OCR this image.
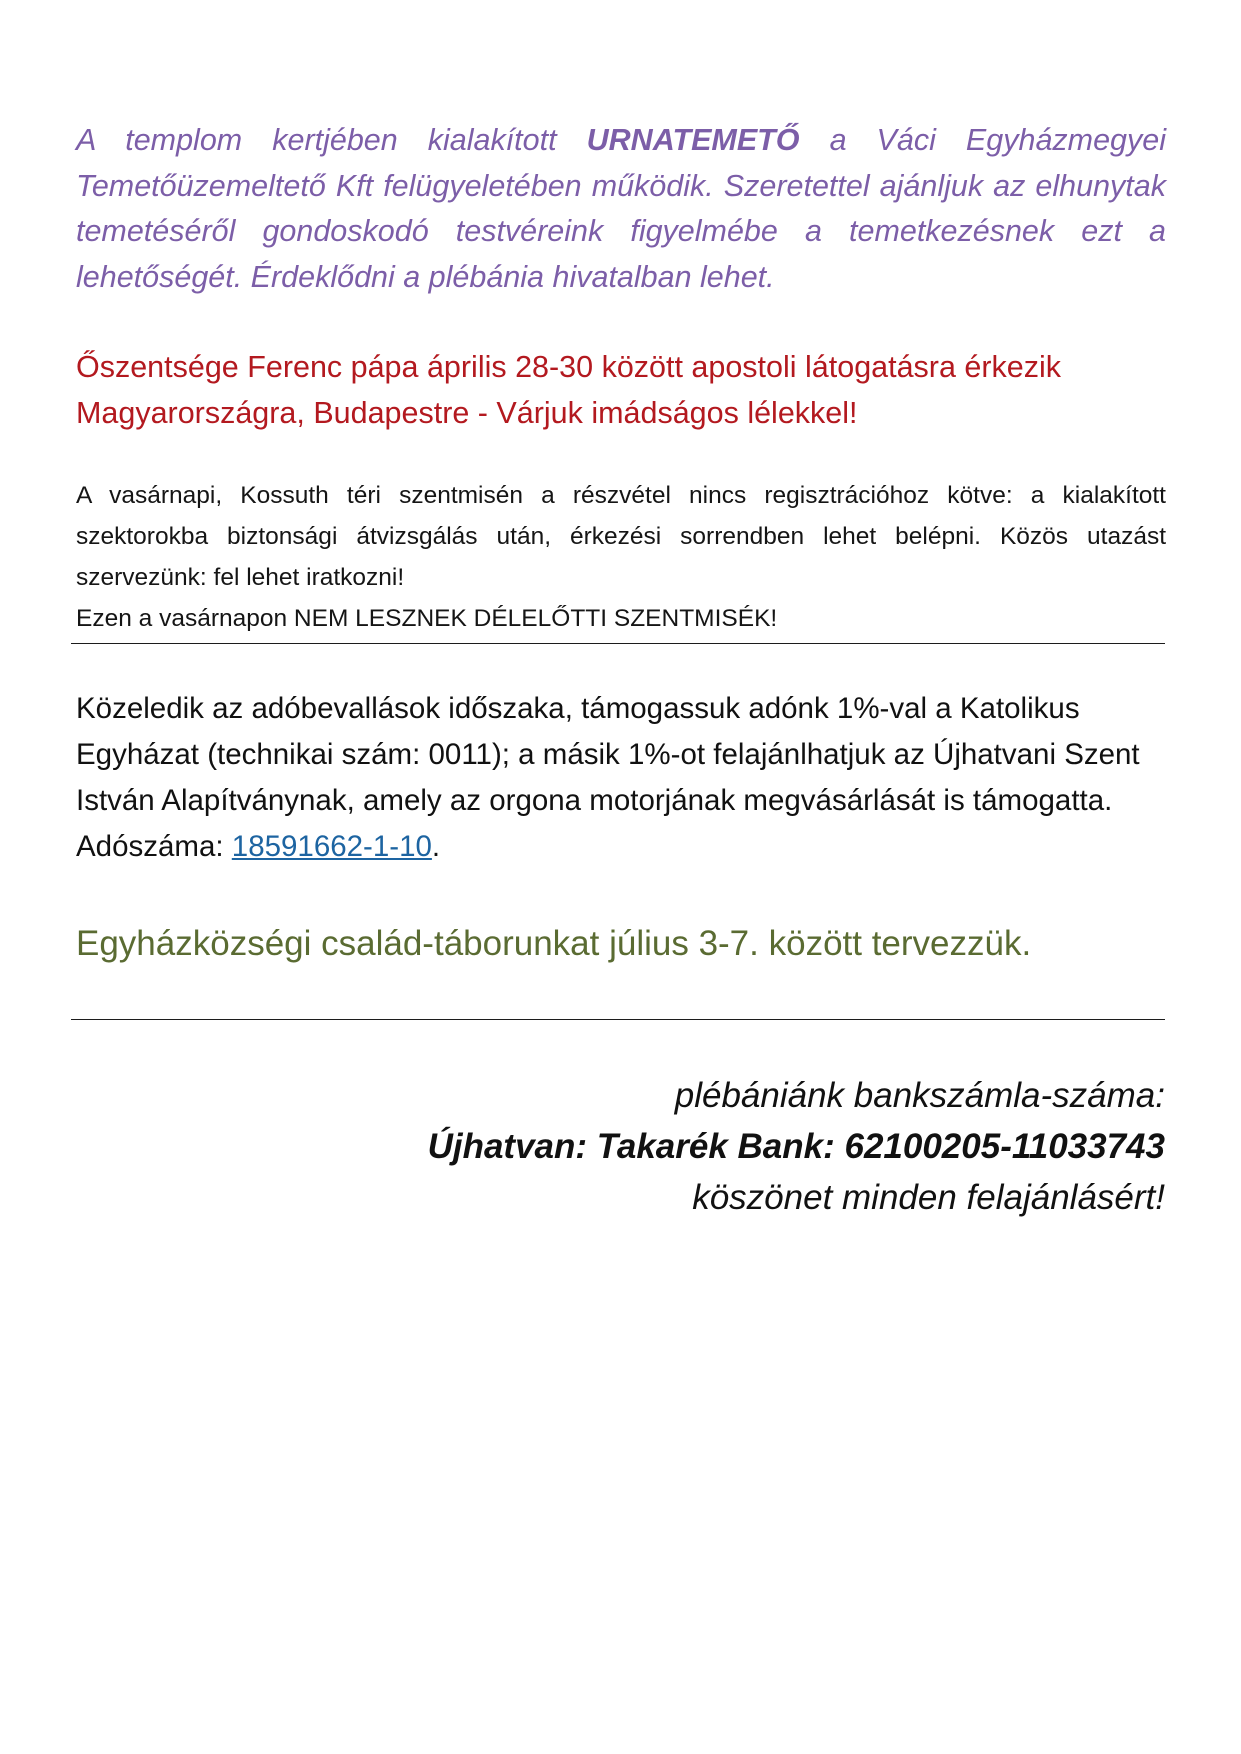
A templom kertjében kialakított URNATEMETŐ a Váci Egyházmegyei Temetőüzemeltető Kft felügyeletében működik. Szeretettel ajánljuk az elhunytak temetéséről gondoskodó testvéreink figyelmébe a temetkezésnek ezt a lehetőségét. Érdeklődni a plébánia hivatalban lehet.

Őszentsége Ferenc pápa április 28-30 között apostoli látogatásra érkezik Magyarországra, Budapestre - Várjuk imádságos lélekkel!

A vasárnapi, Kossuth téri szentmisén a részvétel nincs regisztrációhoz kötve: a kialakított szektorokba biztonsági átvizsgálás után, érkezési sorrendben lehet belépni. Közös utazást szervezünk: fel lehet iratkozni!
Ezen a vasárnapon NEM LESZNEK DÉLELŐTTI SZENTMISÉK!

Közeledik az adóbevallások időszaka, támogassuk adónk 1%-val a Katolikus Egyházat (technikai szám: 0011); a másik 1%-ot felajánlhatjuk az Újhatvani Szent István Alapítványnak, amely az orgona motorjának megvásárlását is támogatta. Adószáma: 18591662-1-10.

Egyházközségi család-táborunkat július 3-7. között tervezzük.

plébániánk bankszámla-száma:
Újhatvan: Takarék Bank: 62100205-11033743
köszönet minden felajánlásért!
